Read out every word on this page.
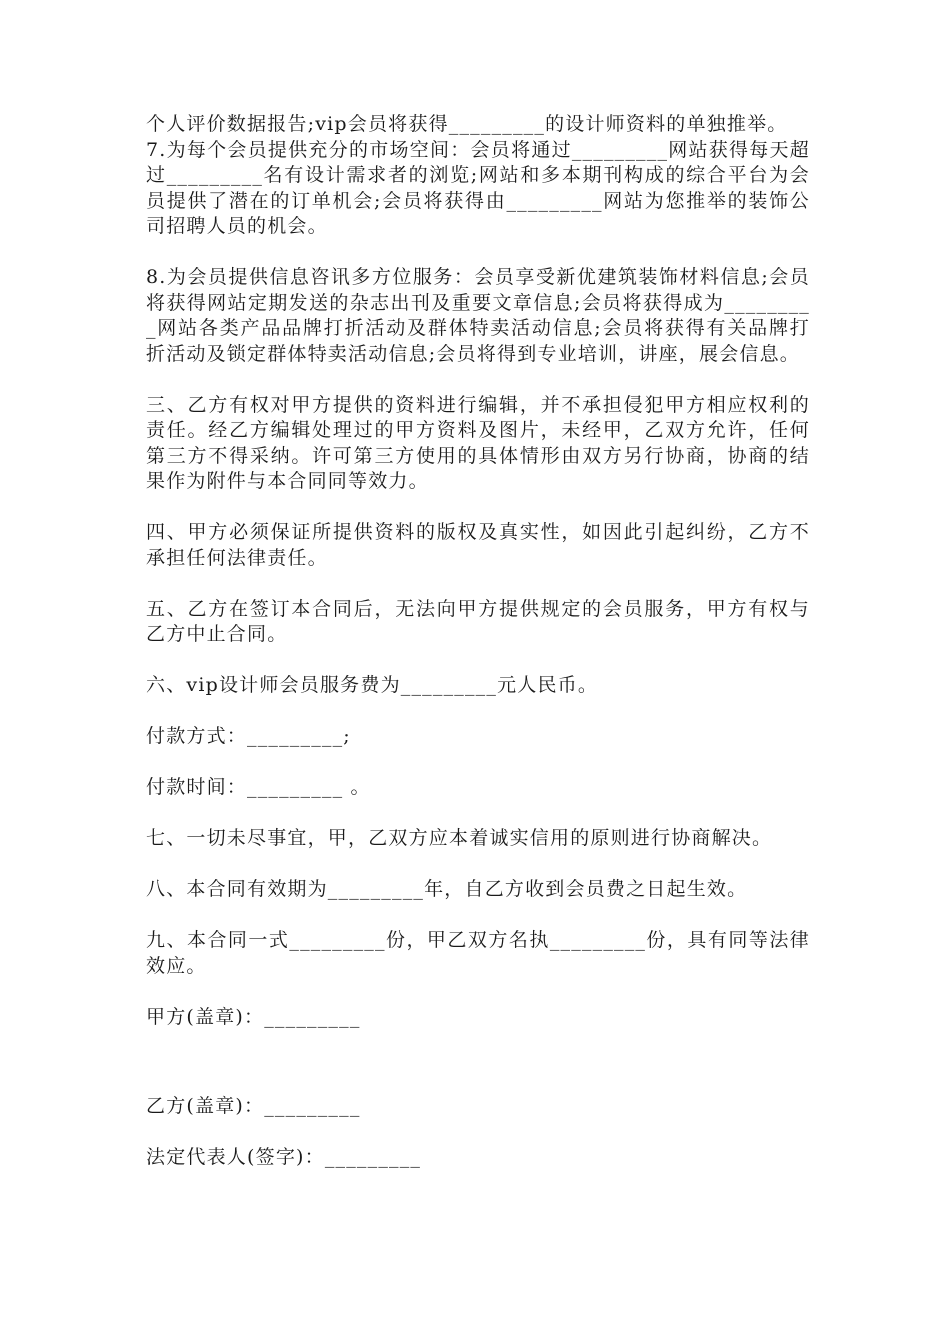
个人评价数据报告;vip会员将获得_________的设计师资料的单独推举。

7.为每个会员提供充分的市场空间：会员将通过_________网站获得每天超过_________名有设计需求者的浏览;网站和多本期刊构成的综合平台为会员提供了潜在的订单机会;会员将获得由_________网站为您推举的装饰公司招聘人员的机会。

8.为会员提供信息咨讯多方位服务：会员享受新优建筑装饰材料信息;会员将获得网站定期发送的杂志出刊及重要文章信息;会员将获得成为_________网站各类产品品牌打折活动及群体特卖活动信息;会员将获得有关品牌打折活动及锁定群体特卖活动信息;会员将得到专业培训，讲座，展会信息。

三、乙方有权对甲方提供的资料进行编辑，并不承担侵犯甲方相应权利的责任。经乙方编辑处理过的甲方资料及图片，未经甲，乙双方允许，任何第三方不得采纳。许可第三方使用的具体情形由双方另行协商，协商的结果作为附件与本合同同等效力。

四、甲方必须保证所提供资料的版权及真实性，如因此引起纠纷，乙方不承担任何法律责任。

五、乙方在签订本合同后，无法向甲方提供规定的会员服务，甲方有权与乙方中止合同。

六、vip设计师会员服务费为_________元人民币。

付款方式：_________;

付款时间：_________ 。

七、一切未尽事宜，甲，乙双方应本着诚实信用的原则进行协商解决。

八、本合同有效期为_________年，自乙方收到会员费之日起生效。

九、本合同一式_________份，甲乙双方名执_________份，具有同等法律效应。

甲方(盖章)：_________

乙方(盖章)：_________

法定代表人(签字)：_________
